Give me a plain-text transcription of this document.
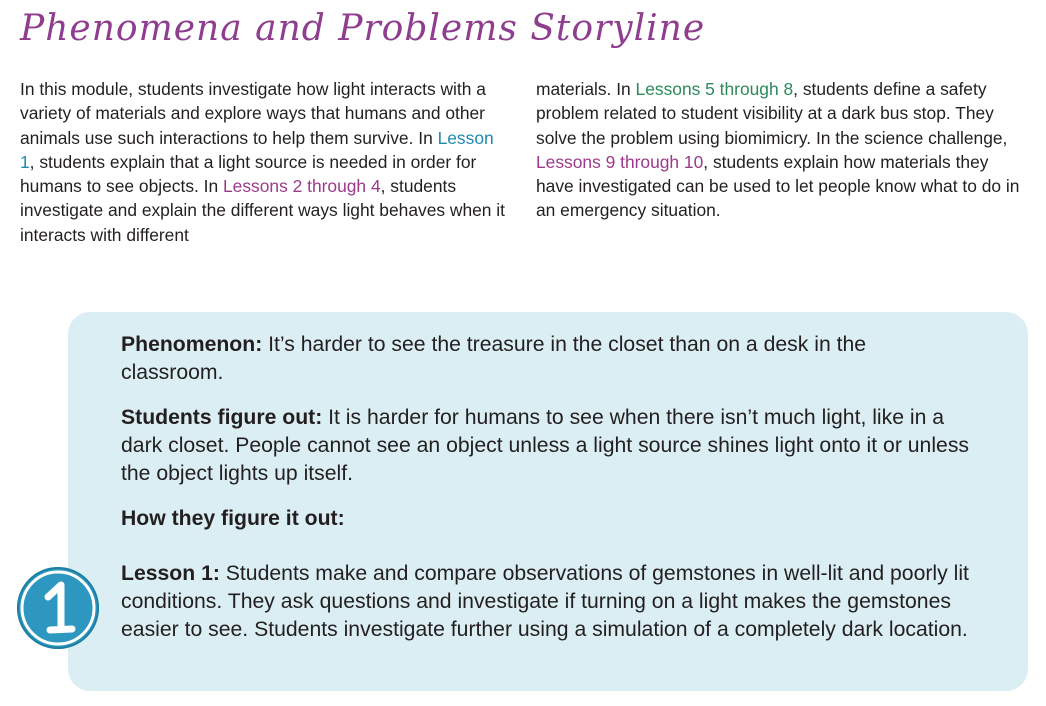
Phenomena and Problems Storyline

In this module, students investigate how light interacts with a variety of materials and explore ways that humans and other animals use such interactions to help them survive. In Lesson 1, students explain that a light source is needed in order for humans to see objects. In Lessons 2 through 4, students investigate and explain the different ways light behaves when it interacts with different

materials. In Lessons 5 through 8, students define a safety problem related to student visibility at a dark bus stop. They solve the problem using biomimicry. In the science challenge, Lessons 9 through 10, students explain how materials they have investigated can be used to let people know what to do in an emergency situation.

Phenomenon: It’s harder to see the treasure in the closet than on a desk in the classroom.

Students figure out: It is harder for humans to see when there isn’t much light, like in a dark closet. People cannot see an object unless a light source shines light onto it or unless the object lights up itself.

How they figure it out:

Lesson 1: Students make and compare observations of gemstones in well-lit and poorly lit conditions. They ask questions and investigate if turning on a light makes the gemstones easier to see. Students investigate further using a simulation of a completely dark location.
